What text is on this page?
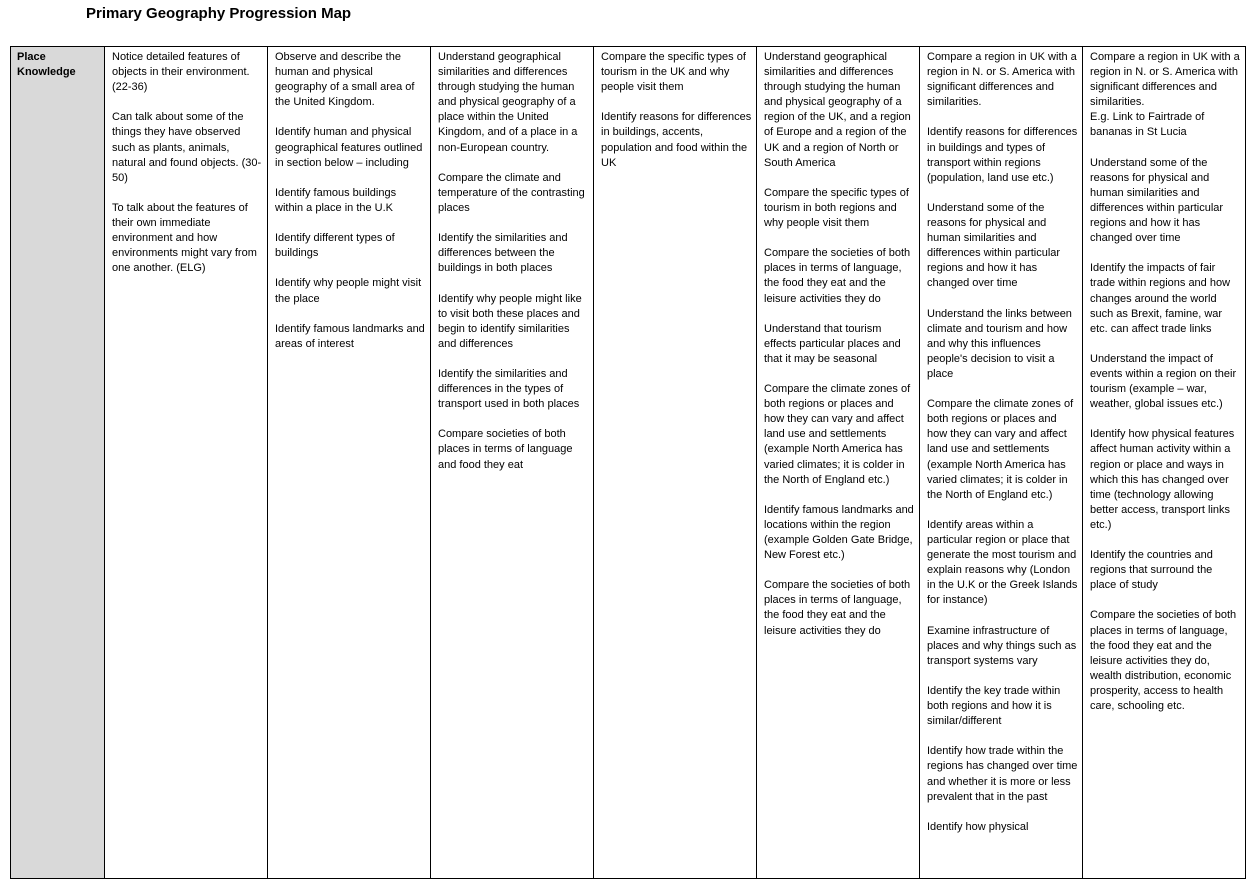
Primary Geography Progression Map

Place
Knowledge

Notice detailed features of objects in their environment. (22-36)

Can talk about some of the things they have observed such as plants, animals, natural and found objects. (30-50)

To talk about the features of their own immediate environment and how environments might vary from one another. (ELG)

Observe and describe the human and physical geography of a small area of the United Kingdom.

Identify human and physical geographical features outlined in section below – including

Identify famous buildings within a place in the U.K

Identify different types of buildings

Identify why people might visit the place

Identify famous landmarks and areas of interest

Understand geographical similarities and differences through studying the human and physical geography of a place within the United Kingdom, and of a place in a non-European country.

Compare the climate and temperature of the contrasting places

Identify the similarities and differences between the buildings in both places

Identify why people might like to visit both these places and begin to identify similarities and differences

Identify the similarities and differences in the types of transport used in both places

Compare societies of both places in terms of language and food they eat

Compare the specific types of tourism in the UK and why people visit them

Identify reasons for differences in buildings, accents, population and food within the UK

Understand geographical similarities and differences through studying the human and physical geography of a region of the UK, and a region of Europe and a region of the UK and a region of North or South America

Compare the specific types of tourism in both regions and why people visit them

Compare the societies of both places in terms of language, the food they eat and the leisure activities they do

Understand that tourism effects particular places and that it may be seasonal

Compare the climate zones of both regions or places and how they can vary and affect land use and settlements (example North America has varied climates; it is colder in the North of England etc.)

Identify famous landmarks and locations within the region (example Golden Gate Bridge, New Forest etc.)

Compare the societies of both places in terms of language, the food they eat and the leisure activities they do

Compare a region in UK with a region in N. or S. America with significant differences and similarities.

Identify reasons for differences in buildings and types of transport within regions (population, land use etc.)

Understand some of the reasons for physical and human similarities and differences within particular regions and how it has changed over time

Understand the links between climate and tourism and how and why this influences people's decision to visit a place

Compare the climate zones of both regions or places and how they can vary and affect land use and settlements (example North America has varied climates; it is colder in the North of England etc.)

Identify areas within a particular region or place that generate the most tourism and explain reasons why (London in the U.K or the Greek Islands for instance)

Examine infrastructure of places and why things such as transport systems vary

Identify the key trade within both regions and how it is similar/different

Identify how trade within the regions has changed over time and whether it is more or less prevalent that in the past

Identify how physical

Compare a region in UK with a region in N. or S. America with significant differences and similarities.
E.g. Link to Fairtrade of bananas in St Lucia

Understand some of the reasons for physical and human similarities and differences within particular regions and how it has changed over time

Identify the impacts of fair trade within regions and how changes around the world such as Brexit, famine, war etc. can affect trade links

Understand the impact of events within a region on their tourism (example – war, weather, global issues etc.)

Identify how physical features affect human activity within a region or place and ways in which this has changed over time (technology allowing better access, transport links etc.)

Identify the countries and regions that surround the place of study

Compare the societies of both places in terms of language, the food they eat and the leisure activities they do, wealth distribution, economic prosperity, access to health care, schooling etc.
